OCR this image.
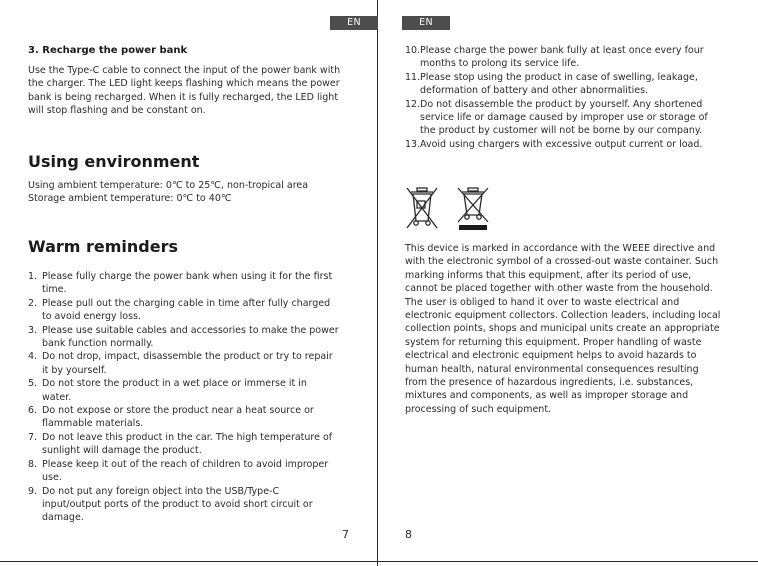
EN
3. Recharge the power bank
Use the Type-C cable to connect the input of the power bank with
the charger. The LED light keeps flashing which means the power
bank is being recharged. When it is fully recharged, the LED light
will stop flashing and be constant on.
Using environment
Using ambient temperature: 0℃ to 25℃, non-tropical area
Storage ambient temperature: 0℃ to 40℃
Warm reminders
1. Please fully charge the power bank when using it for the first
time.
2. Please pull out the charging cable in time after fully charged
to avoid energy loss.
3. Please use suitable cables and accessories to make the power
bank function normally.
4. Do not drop, impact, disassemble the product or try to repair
it by yourself.
5. Do not store the product in a wet place or immerse it in
water.
6. Do not expose or store the product near a heat source or
flammable materials.
7. Do not leave this product in the car. The high temperature of
sunlight will damage the product.
8. Please keep it out of the reach of children to avoid improper
use.
9. Do not put any foreign object into the USB/Type-C
input/output ports of the product to avoid short circuit or
damage.
7
EN
10. Please charge the power bank fully at least once every four
months to prolong its service life.
11. Please stop using the product in case of swelling, leakage,
deformation of battery and other abnormalities.
12. Do not disassemble the product by yourself. Any shortened
service life or damage caused by improper use or storage of
the product by customer will not be borne by our company.
13. Avoid using chargers with excessive output current or load.
This device is marked in accordance with the WEEE directive and
with the electronic symbol of a crossed-out waste container. Such
marking informs that this equipment, after its period of use,
cannot be placed together with other waste from the household.
The user is obliged to hand it over to waste electrical and
electronic equipment collectors. Collection leaders, including local
collection points, shops and municipal units create an appropriate
system for returning this equipment. Proper handling of waste
electrical and electronic equipment helps to avoid hazards to
human health, natural environmental consequences resulting
from the presence of hazardous ingredients, i.e. substances,
mixtures and components, as well as improper storage and
processing of such equipment.
8
